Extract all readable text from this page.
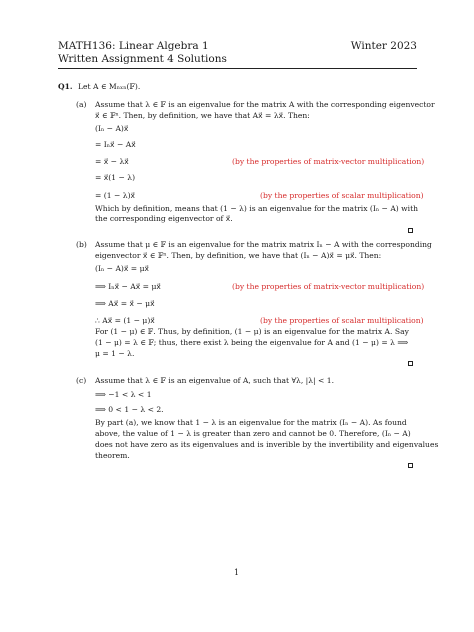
MATH136: Linear Algebra 1	Winter 2023
Written Assignment 4 Solutions
Q1. Let A ∈ Mₙₓₙ(𝔽).
(a) Assume that λ ∈ 𝔽 is an eigenvalue for the matrix A with the corresponding eigenvector
x⃗ ∈ 𝔽ⁿ. Then, by definition, we have that Ax⃗ = λx⃗. Then:
(Iₙ − A)x⃗
= Iₙx⃗ − Ax⃗
= x⃗ − λx⃗	(by the properties of matrix-vector multiplication)
= x⃗(1 − λ)
= (1 − λ)x⃗	(by the properties of scalar multiplication)
Which by definition, means that (1 − λ) is an eigenvalue for the matrix (Iₙ − A) with
the corresponding eigenvector of x⃗.
(b) Assume that μ ∈ 𝔽 is an eigenvalue for the matrix matrix Iₙ − A with the corresponding
eigenvector x⃗ ∈ 𝔽ⁿ. Then, by definition, we have that (Iₙ − A)x⃗ = μx⃗. Then:
(Iₙ − A)x⃗ = μx⃗
⟹ Iₙx⃗ − Ax⃗ = μx⃗	(by the properties of matrix-vector multiplication)
⟹ Ax⃗ = x⃗ − μx⃗
∴ Ax⃗ = (1 − μ)x⃗	(by the properties of scalar multiplication)
For (1 − μ) ∈ 𝔽. Thus, by definition, (1 − μ) is an eigenvalue for the matrix A. Say
(1 − μ) = λ ∈ 𝔽; thus, there exist λ being the eigenvalue for A and (1 − μ) = λ ⟹
μ = 1 − λ.
(c) Assume that λ ∈ 𝔽 is an eigenvalue of A, such that ∀λ, |λ| < 1.
⟹ −1 < λ < 1
⟹ 0 < 1 − λ < 2.
By part (a), we know that 1 − λ is an eigenvalue for the matrix (Iₙ − A). As found
above, the value of 1 − λ is greater than zero and cannot be 0. Therefore, (Iₙ − A)
does not have zero as its eigenvalues and is inverible by the invertibility and eigenvalues
theorem.
1
